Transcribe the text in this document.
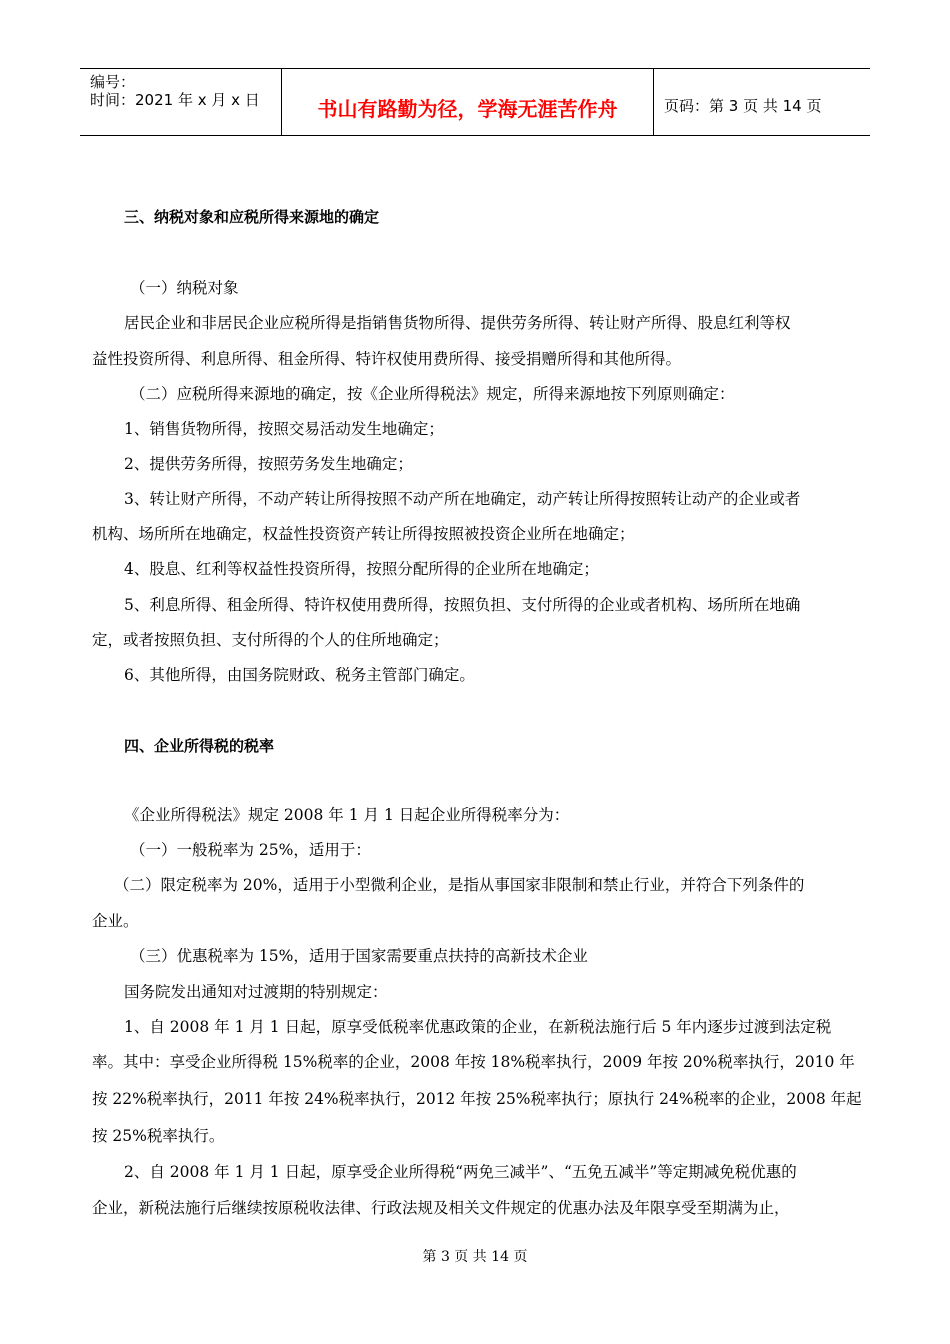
编号：
时间：2021 年 x 月 x 日	书山有路勤为径，学海无涯苦作舟	页码：第 3 页 共 14 页
三、纳税对象和应税所得来源地的确定
（一）纳税对象
居民企业和非居民企业应税所得是指销售货物所得、提供劳务所得、转让财产所得、股息红利等权
益性投资所得、利息所得、租金所得、特许权使用费所得、接受捐赠所得和其他所得。
（二）应税所得来源地的确定，按《企业所得税法》规定，所得来源地按下列原则确定：
1、销售货物所得，按照交易活动发生地确定；
2、提供劳务所得，按照劳务发生地确定；
3、转让财产所得，不动产转让所得按照不动产所在地确定，动产转让所得按照转让动产的企业或者
机构、场所所在地确定，权益性投资资产转让所得按照被投资企业所在地确定；
4、股息、红利等权益性投资所得，按照分配所得的企业所在地确定；
5、利息所得、租金所得、特许权使用费所得，按照负担、支付所得的企业或者机构、场所所在地确
定，或者按照负担、支付所得的个人的住所地确定；
6、其他所得，由国务院财政、税务主管部门确定。
四、企业所得税的税率
《企业所得税法》规定 2008 年 1 月 1 日起企业所得税率分为：
（一）一般税率为 25%，适用于：
（二）限定税率为 20%，适用于小型微利企业，是指从事国家非限制和禁止行业，并符合下列条件的
企业。
（三）优惠税率为 15%，适用于国家需要重点扶持的高新技术企业
国务院发出通知对过渡期的特别规定：
1、自 2008 年 1 月 1 日起，原享受低税率优惠政策的企业，在新税法施行后 5 年内逐步过渡到法定税
率。其中：享受企业所得税 15%税率的企业，2008 年按 18%税率执行，2009 年按 20%税率执行，2010 年
按 22%税率执行，2011 年按 24%税率执行，2012 年按 25%税率执行；原执行 24%税率的企业，2008 年起
按 25%税率执行。
2、自 2008 年 1 月 1 日起，原享受企业所得税“两免三减半”、“五免五减半”等定期减免税优惠的
企业，新税法施行后继续按原税收法律、行政法规及相关文件规定的优惠办法及年限享受至期满为止，
第 3 页 共 14 页
